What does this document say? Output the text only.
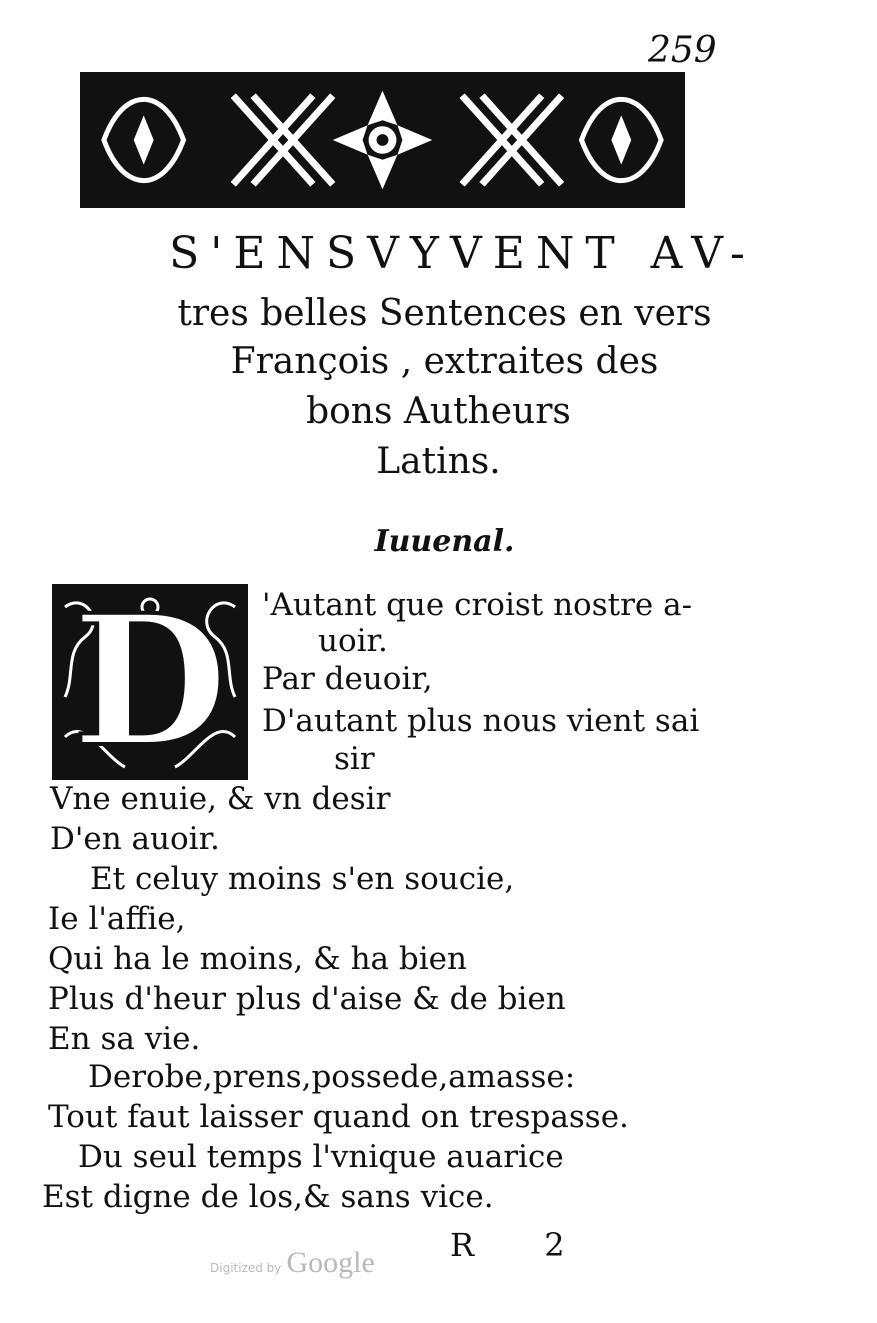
259
S'ENSVYVENT AV-
tres belles Sentences en vers
François , extraites des
bons Autheurs
Latins.
Iuuenal.
D	'Autant que croist nostre a-
uoir.
Par deuoir,
D'autant plus nous vient sai
sir
Vne enuie, & vn desir
D'en auoir.
Et celuy moins s'en soucie,
Ie l'affie,
Qui ha le moins, & ha bien
Plus d'heur plus d'aise & de bien
En sa vie.
Derobe,prens,possede,amasse:
Tout faut laisser quand on trespasse.
Du seul temps l'vnique auarice
Est digne de los,& sans vice.
R 2
Digitized by Google
